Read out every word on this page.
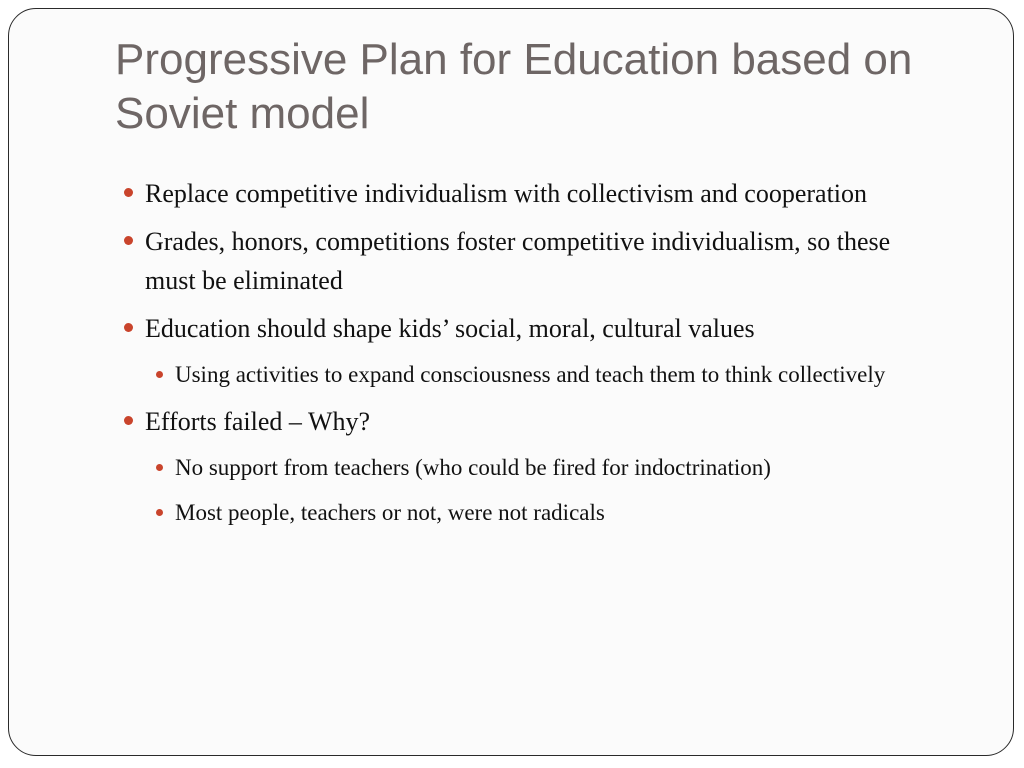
Progressive Plan for Education based on Soviet model
Replace competitive individualism with collectivism and cooperation
Grades, honors, competitions foster competitive individualism, so these must be eliminated
Education should shape kids’ social, moral, cultural values
Using activities to expand consciousness and teach them to think collectively
Efforts failed – Why?
No support from teachers (who could be fired for indoctrination)
Most people, teachers or not, were not radicals
